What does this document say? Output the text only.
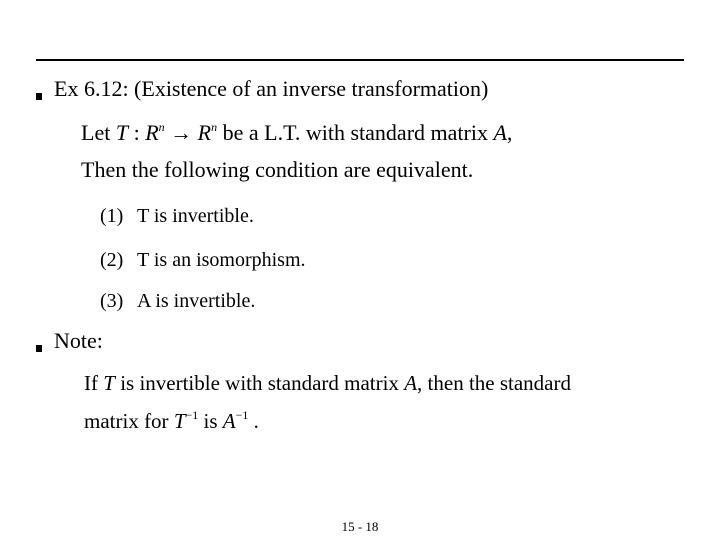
Ex 6.12: (Existence of an inverse transformation)
Let T : $R^n \to R^n$ be a L.T. with standard matrix A,
Then the following condition are equivalent.
(1) T is invertible.
(2) T is an isomorphism.
(3) A is invertible.
Note:
If T is invertible with standard matrix A, then the standard
matrix for $T^{-1}$ is $A^{-1}$ .
15 - 18
